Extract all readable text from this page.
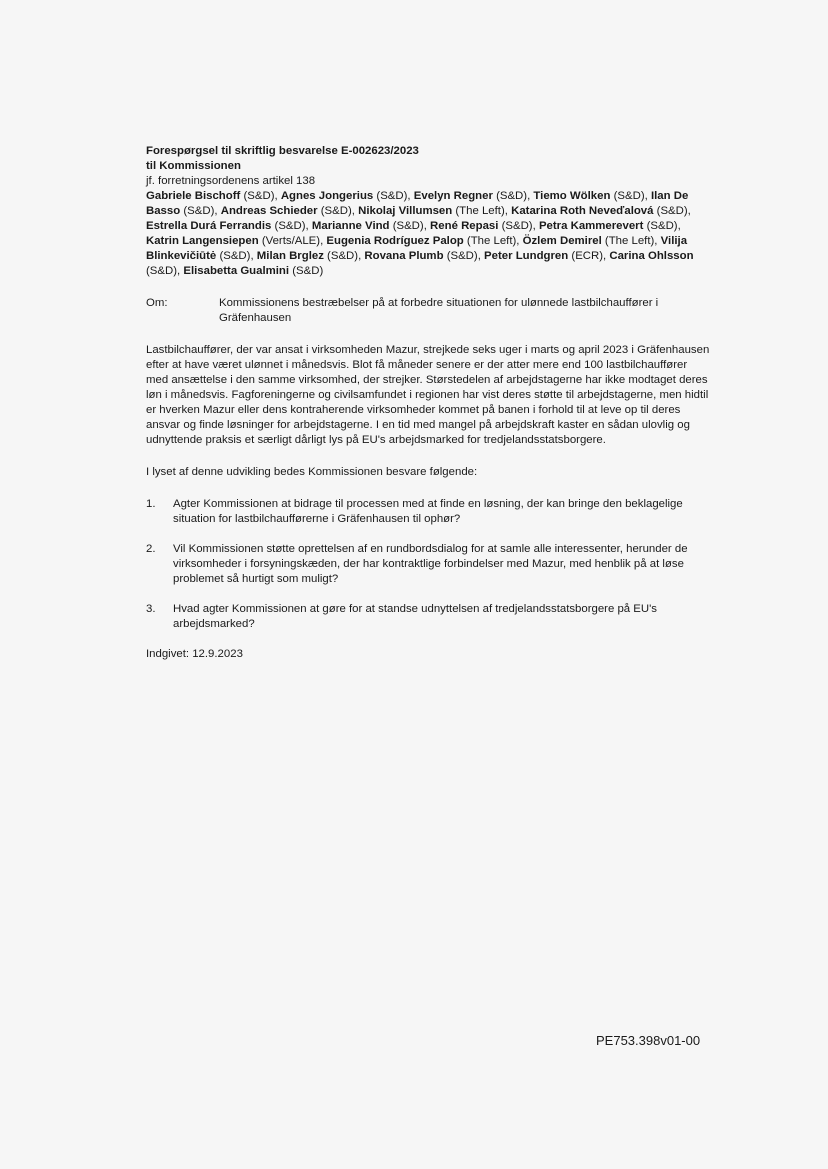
Forespørgsel til skriftlig besvarelse E-002623/2023
til Kommissionen
jf. forretningsordenens artikel 138
Gabriele Bischoff (S&D), Agnes Jongerius (S&D), Evelyn Regner (S&D), Tiemo Wölken (S&D), Ilan De Basso (S&D), Andreas Schieder (S&D), Nikolaj Villumsen (The Left), Katarina Roth Neveďalová (S&D), Estrella Durá Ferrandis (S&D), Marianne Vind (S&D), René Repasi (S&D), Petra Kammerevert (S&D), Katrin Langensiepen (Verts/ALE), Eugenia Rodríguez Palop (The Left), Özlem Demirel (The Left), Vilija Blinkevičiūtė (S&D), Milan Brglez (S&D), Rovana Plumb (S&D), Peter Lundgren (ECR), Carina Ohlsson (S&D), Elisabetta Gualmini (S&D)
Om:	Kommissionens bestræbelser på at forbedre situationen for ulønnede lastbilchauffører i Gräfenhausen
Lastbilchauffører, der var ansat i virksomheden Mazur, strejkede seks uger i marts og april 2023 i Gräfenhausen efter at have været ulønnet i månedsvis. Blot få måneder senere er der atter mere end 100 lastbilchauffører med ansættelse i den samme virksomhed, der strejker. Størstedelen af arbejdstagerne har ikke modtaget deres løn i månedsvis. Fagforeningerne og civilsamfundet i regionen har vist deres støtte til arbejdstagerne, men hidtil er hverken Mazur eller dens kontraherende virksomheder kommet på banen i forhold til at leve op til deres ansvar og finde løsninger for arbejdstagerne. I en tid med mangel på arbejdskraft kaster en sådan ulovlig og udnyttende praksis et særligt dårligt lys på EU's arbejdsmarked for tredjelandsstatsborgere.
I lyset af denne udvikling bedes Kommissionen besvare følgende:
1.	Agter Kommissionen at bidrage til processen med at finde en løsning, der kan bringe den beklagelige situation for lastbilchaufførerne i Gräfenhausen til ophør?
2.	Vil Kommissionen støtte oprettelsen af en rundbordsdialog for at samle alle interessenter, herunder de virksomheder i forsyningskæden, der har kontraktlige forbindelser med Mazur, med henblik på at løse problemet så hurtigt som muligt?
3.	Hvad agter Kommissionen at gøre for at standse udnyttelsen af tredjelandsstatsborgere på EU's arbejdsmarked?
Indgivet: 12.9.2023
PE753.398v01-00
